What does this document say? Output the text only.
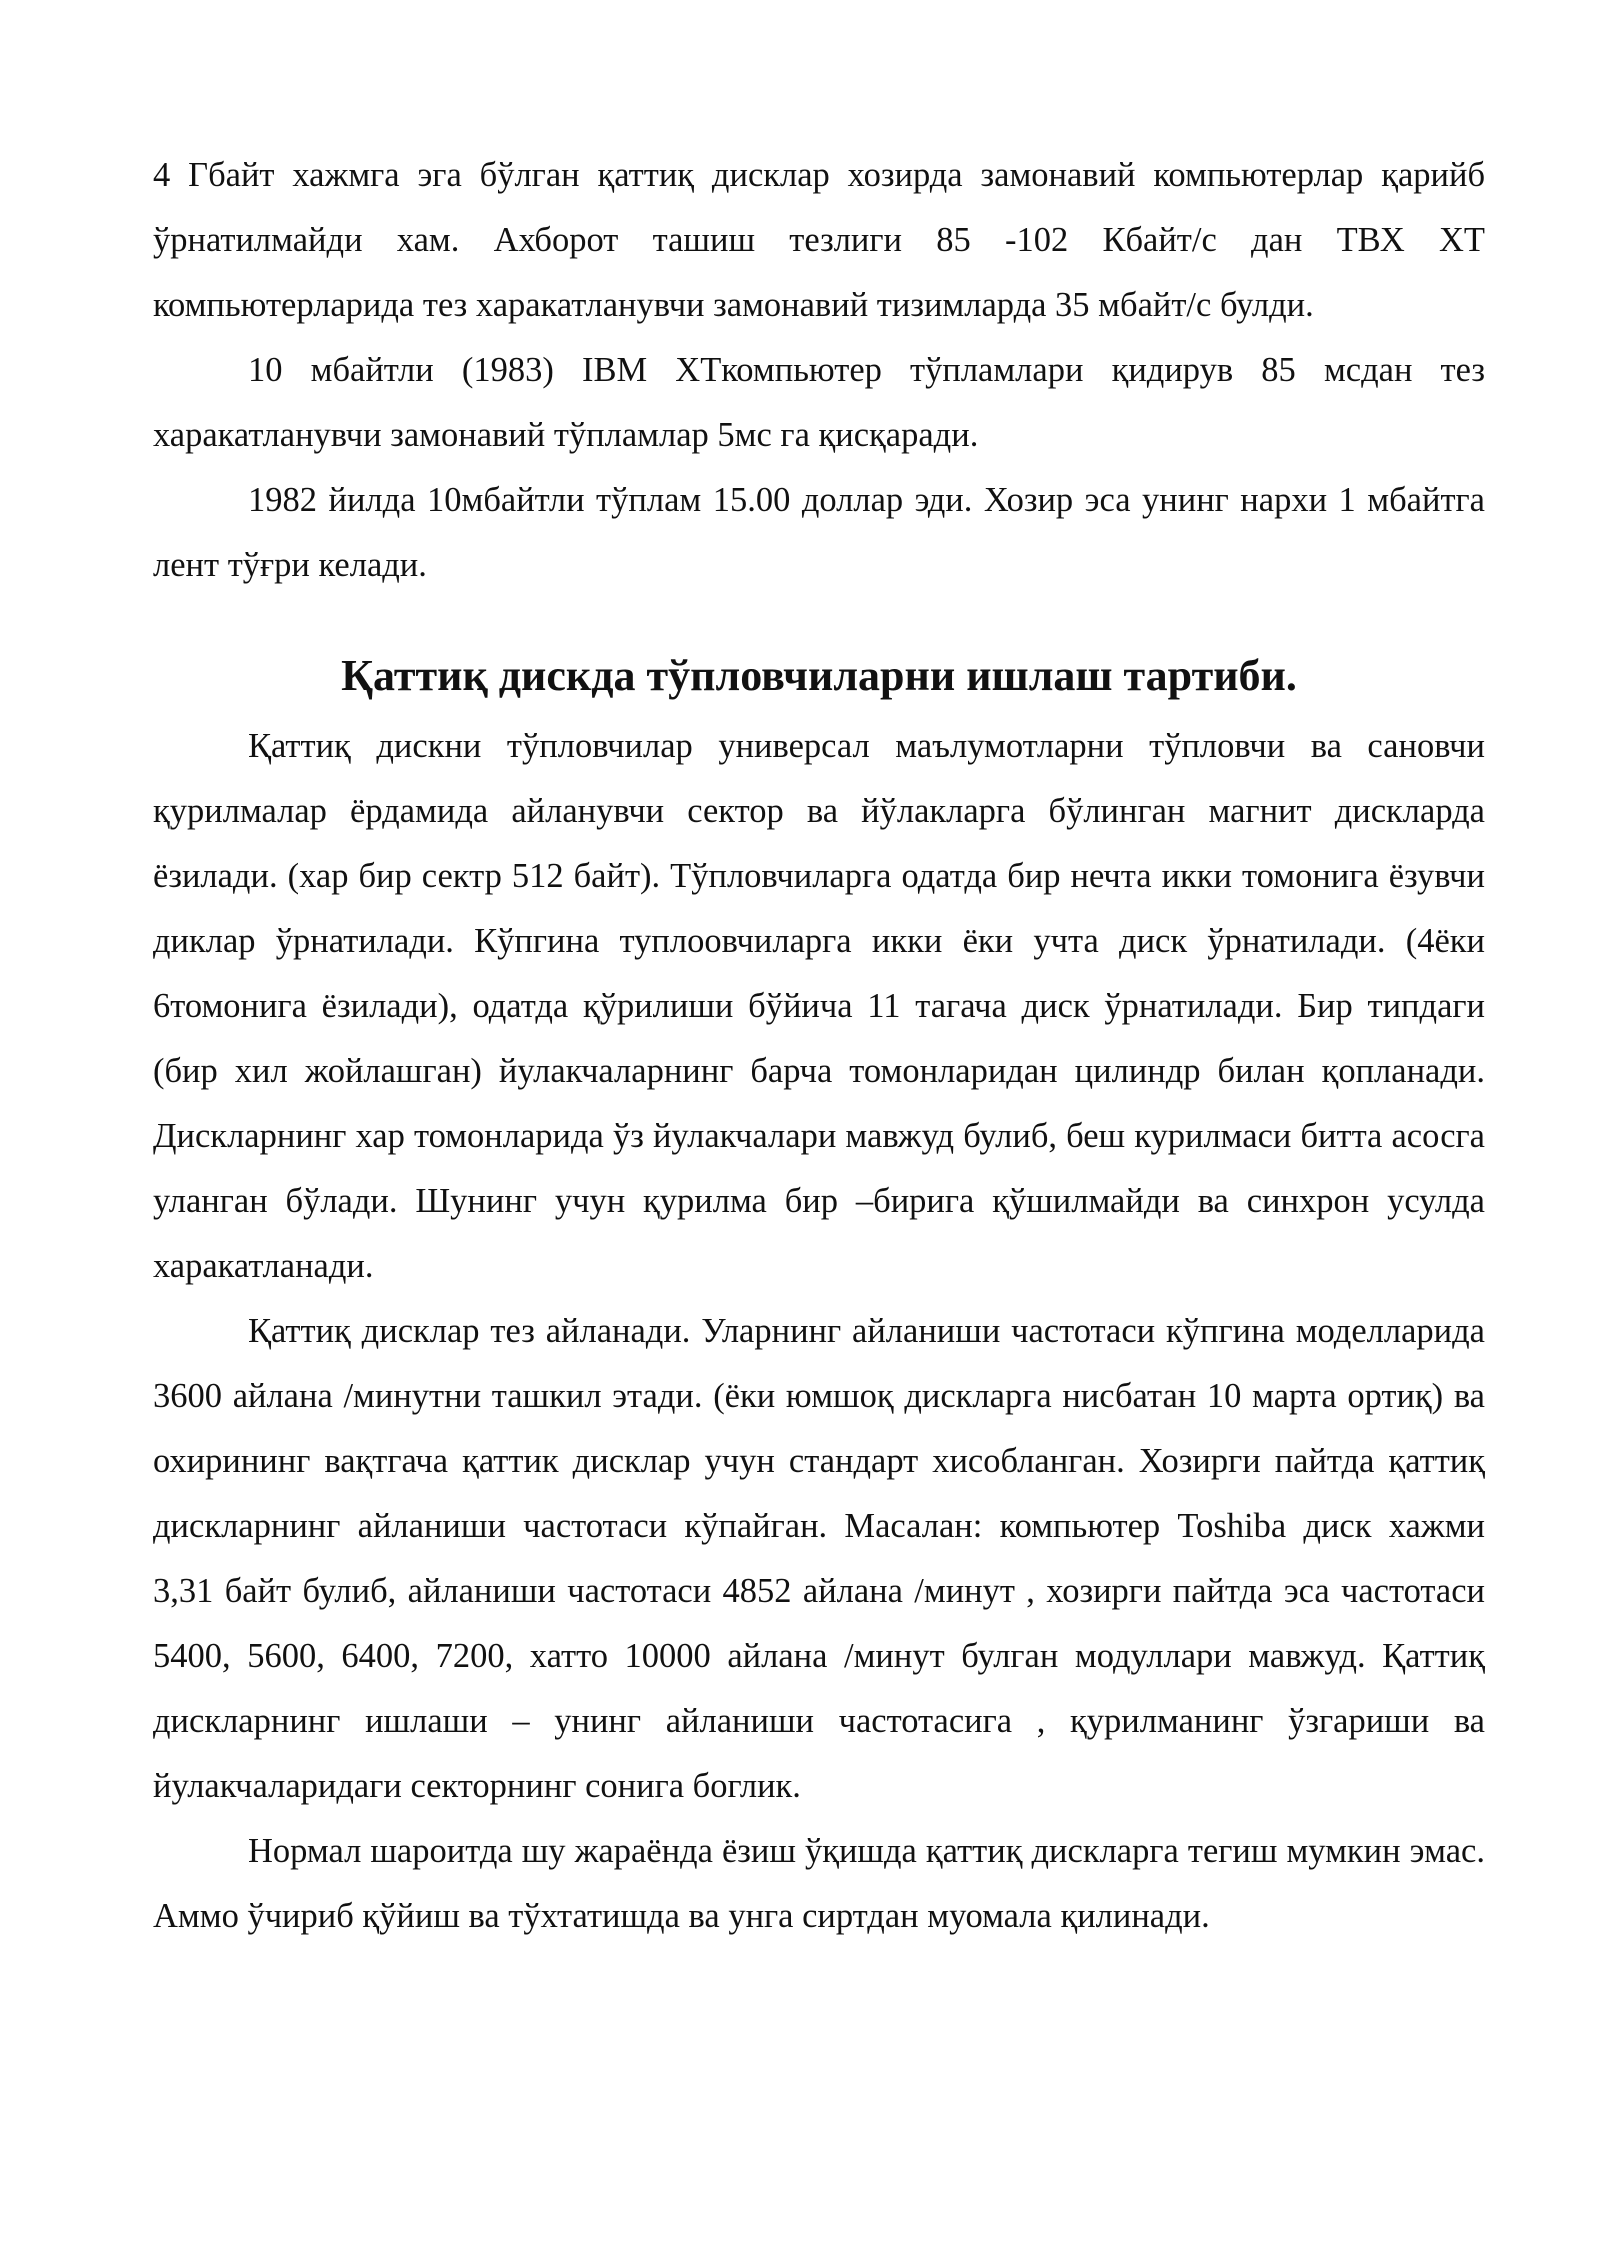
4 Гбайт хажмга эга бўлган қаттиқ дисклар хозирда замонавий компьютерлар қарийб ўрнатилмайди хам. Ахборот ташиш тезлиги 85 -102 Кбайт/с дан ТВХ ХТ компьютерларида тез харакатланувчи замонавий тизимларда 35 мбайт/с булди.

10 мбайтли (1983) IBM XTкомпьютер тўпламлари қидирув 85 мсдан тез харакатланувчи замонавий тўпламлар 5мс га қисқаради.

1982 йилда 10мбайтли тўплам 15.00 доллар эди. Хозир эса унинг нархи 1 мбайтга лент тўғри келади.

Қаттиқ дискда тўпловчиларни ишлаш тартиби.

Қаттиқ дискни тўпловчилар универсал маълумотларни тўпловчи ва сановчи қурилмалар ёрдамида айланувчи сектор ва йўлакларга бўлинган магнит дискларда ёзилади. (хар бир сектр 512 байт). Тўпловчиларга одатда бир нечта икки томонига ёзувчи диклар ўрнатилади. Кўпгина туплоовчиларга икки ёки учта диск ўрнатилади. (4ёки 6томонига ёзилади), одатда қўрилиши бўйича 11 тагача диск ўрнатилади. Бир типдаги (бир хил жойлашган) йулакчаларнинг барча томонларидан цилиндр билан қопланади. Дискларнинг хар томонларида ўз йулакчалари мавжуд булиб, беш курилмаси битта асосга уланган бўлади. Шунинг учун қурилма бир –бирига қўшилмайди ва синхрон усулда харакатланади.

Қаттиқ дисклар тез айланади. Уларнинг айланиши частотаси кўпгина моделларида 3600 айлана /минутни ташкил этади. (ёки юмшоқ дискларга нисбатан 10 марта ортиқ) ва охирининг вақтгача қаттик дисклар учун стандарт хисобланган. Хозирги пайтда қаттиқ дискларнинг айланиши частотаси кўпайган. Масалан: компьютер Toshiba диск хажми 3,31 байт булиб, айланиши частотаси 4852 айлана /минут , хозирги пайтда эса частотаси 5400, 5600, 6400, 7200, хатто 10000 айлана /минут булган модуллари мавжуд. Қаттиқ дискларнинг ишлаши – унинг айланиши частотасига , қурилманинг ўзгариши ва йулакчаларидаги секторнинг сонига боглик.

Нормал шароитда шу жараёнда ёзиш ўқишда қаттиқ дискларга тегиш мумкин эмас. Аммо ўчириб қўйиш ва тўхтатишда ва унга сиртдан муомала қилинади.
